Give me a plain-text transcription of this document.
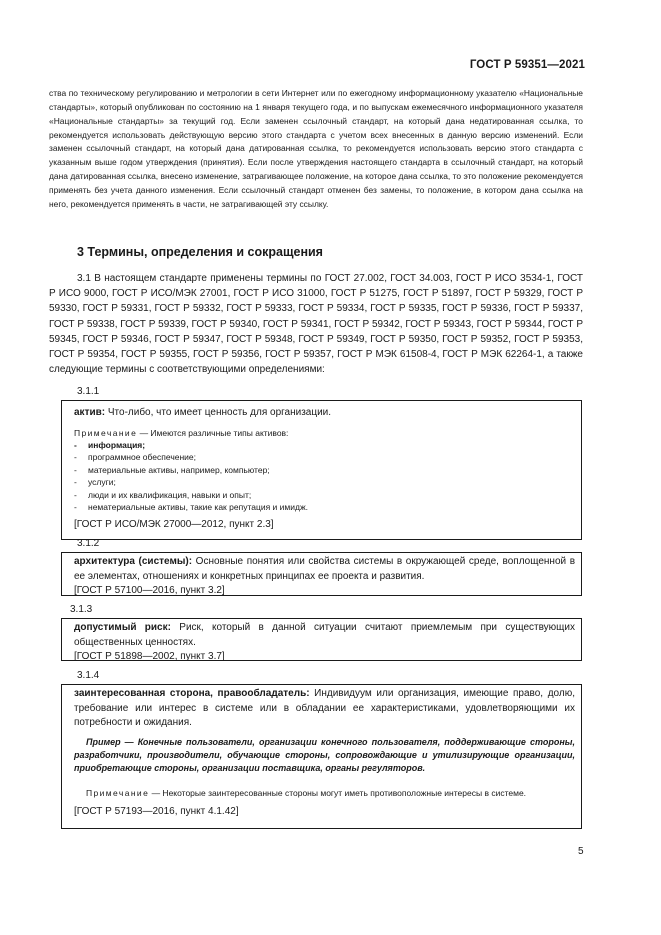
ГОСТ Р 59351—2021

ства по техническому регулированию и метрологии в сети Интернет или по ежегодному информационному указателю «Национальные стандарты», который опубликован по состоянию на 1 января текущего года, и по выпускам ежемесячного информационного указателя «Национальные стандарты» за текущий год. Если заменен ссылочный стандарт, на который дана недатированная ссылка, то рекомендуется использовать действующую версию этого стандарта с учетом всех внесенных в данную версию изменений. Если заменен ссылочный стандарт, на который дана датированная ссылка, то рекомендуется использовать версию этого стандарта с указанным выше годом утверждения (принятия). Если после утверждения настоящего стандарта в ссылочный стандарт, на который дана датированная ссылка, внесено изменение, затрагивающее положение, на которое дана ссылка, то это положение рекомендуется применять без учета данного изменения. Если ссылочный стандарт отменен без замены, то положение, в котором дана ссылка на него, рекомендуется применять в части, не затрагивающей эту ссылку.

3 Термины, определения и сокращения

3.1 В настоящем стандарте применены термины по ГОСТ 27.002, ГОСТ 34.003, ГОСТ Р ИСО 3534-1, ГОСТ Р ИСО 9000, ГОСТ Р ИСО/МЭК 27001, ГОСТ Р ИСО 31000, ГОСТ Р 51275, ГОСТ Р 51897, ГОСТ Р 59329, ГОСТ Р 59330, ГОСТ Р 59331, ГОСТ Р 59332, ГОСТ Р 59333, ГОСТ Р 59334, ГОСТ Р 59335, ГОСТ Р 59336, ГОСТ Р 59337, ГОСТ Р 59338, ГОСТ Р 59339, ГОСТ Р 59340, ГОСТ Р 59341, ГОСТ Р 59342, ГОСТ Р 59343, ГОСТ Р 59344, ГОСТ Р 59345, ГОСТ Р 59346, ГОСТ Р 59347, ГОСТ Р 59348, ГОСТ Р 59349, ГОСТ Р 59350, ГОСТ Р 59352, ГОСТ Р 59353, ГОСТ Р 59354, ГОСТ Р 59355, ГОСТ Р 59356, ГОСТ Р 59357, ГОСТ Р МЭК 61508-4, ГОСТ Р МЭК 62264-1, а также следующие термины с соответствующими определениями:

3.1.1

актив: Что-либо, что имеет ценность для организации.

Примечание — Имеются различные типы активов:

- информация;
- программное обеспечение;
- материальные активы, например, компьютер;
- услуги;
- люди и их квалификация, навыки и опыт;
- нематериальные активы, такие как репутация и имидж.

[ГОСТ Р ИСО/МЭК 27000—2012, пункт 2.3]

3.1.2

архитектура (системы): Основные понятия или свойства системы в окружающей среде, воплощенной в ее элементах, отношениях и конкретных принципах ее проекта и развития.

[ГОСТ Р 57100—2016, пункт 3.2]

3.1.3

допустимый риск: Риск, который в данной ситуации считают приемлемым при существующих общественных ценностях.

[ГОСТ Р 51898—2002, пункт 3.7]

3.1.4

заинтересованная сторона, правообладатель: Индивидуум или организация, имеющие право, долю, требование или интерес в системе или в обладании ее характеристиками, удовлетворяющими их потребности и ожидания.

Пример — Конечные пользователи, организации конечного пользователя, поддерживающие стороны, разработчики, производители, обучающие стороны, сопровождающие и утилизирующие организации, приобретающие стороны, организации поставщика, органы регуляторов.

Примечание — Некоторые заинтересованные стороны могут иметь противоположные интересы в системе.

[ГОСТ Р 57193—2016, пункт 4.1.42]

5
